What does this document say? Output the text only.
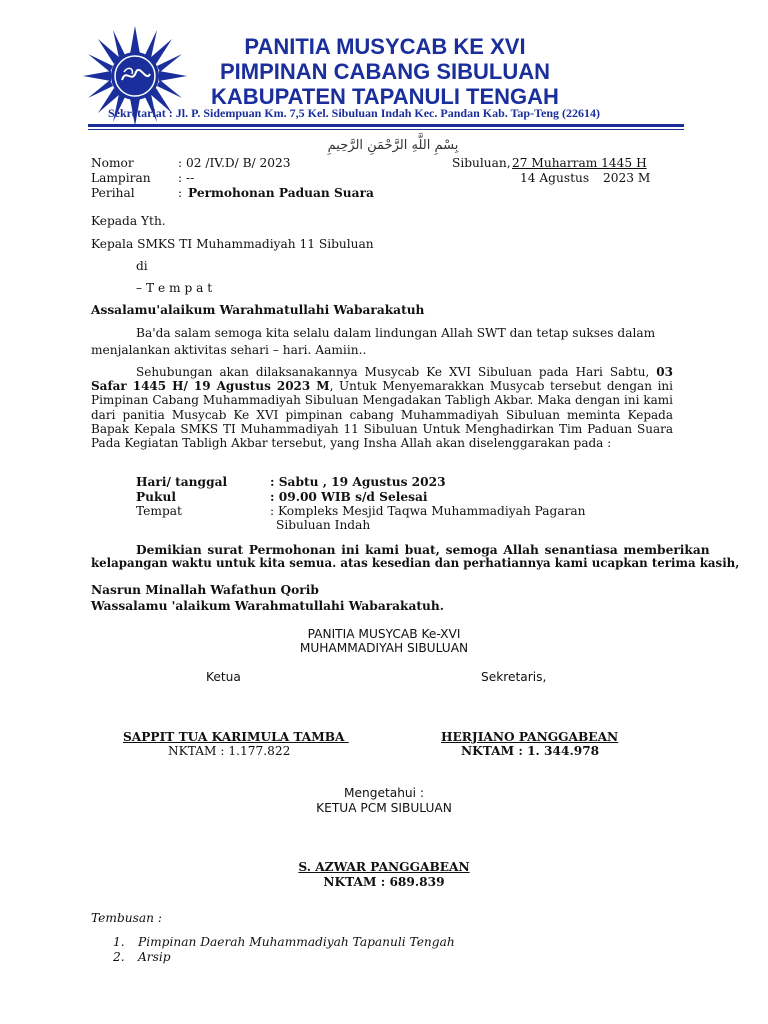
PANITIA MUSYCAB KE XVI
PIMPINAN CABANG SIBULUAN
KABUPATEN TAPANULI TENGAH
Sekretariat : Jl. P. Sidempuan Km. 7,5 Kel. Sibuluan Indah Kec. Pandan Kab. Tap-Teng (22614)
بِسْمِ اللَّهِ الرَّحْمَنِ الرَّحِيمِ
Nomor	: 02 /IV.D/ B/ 2023
Lampiran : --
Perihal	: Permohonan Paduan Suara
Sibuluan, 27 Muharram 1445 H
14 Agustus 2023 M
Kepada Yth.
Kepala SMKS TI Muhammadiyah 11 Sibuluan
di
– T e m p a t
Assalamu'alaikum Warahmatullahi Wabarakatuh
Ba'da salam semoga kita selalu dalam lindungan Allah SWT dan tetap sukses dalam
menjalankan aktivitas sehari – hari. Aamiin..
Sehubungan akan dilaksanakannya Musycab Ke XVI Sibuluan pada Hari Sabtu, 03 Safar 1445 H/ 19 Agustus 2023 M, Untuk Menyemarakkan Musycab tersebut dengan ini Pimpinan Cabang Muhammadiyah Sibuluan Mengadakan Tabligh Akbar. Maka dengan ini kami dari panitia Musycab Ke XVI pimpinan cabang Muhammadiyah Sibuluan meminta Kepada Bapak Kepala SMKS TI Muhammadiyah 11 Sibuluan Untuk Menghadirkan Tim Paduan Suara Pada Kegiatan Tabligh Akbar tersebut, yang Insha Allah akan diselenggarakan pada :
Hari/ tanggal	: Sabtu , 19 Agustus 2023
Pukul	: 09.00 WIB s/d Selesai
Tempat	: Kompleks Mesjid Taqwa Muhammadiyah Pagaran
Sibuluan Indah
Demikian surat Permohonan ini kami buat, semoga Allah senantiasa memberikan
kelapangan waktu untuk kita semua. atas kesedian dan perhatiannya kami ucapkan terima kasih,
Nasrun Minallah Wafathun Qorib
Wassalamu 'alaikum Warahmatullahi Wabarakatuh.
PANITIA MUSYCAB Ke-XVI
MUHAMMADIYAH SIBULUAN
Ketua	Sekretaris,
SAPPIT TUA KARIMULA TAMBA
NKTAM : 1.177.822
HERJIANO PANGGABEAN
NKTAM : 1. 344.978
Mengetahui :
KETUA PCM SIBULUAN
S. AZWAR PANGGABEAN
NKTAM : 689.839
Tembusan :
1. Pimpinan Daerah Muhammadiyah Tapanuli Tengah
2. Arsip
